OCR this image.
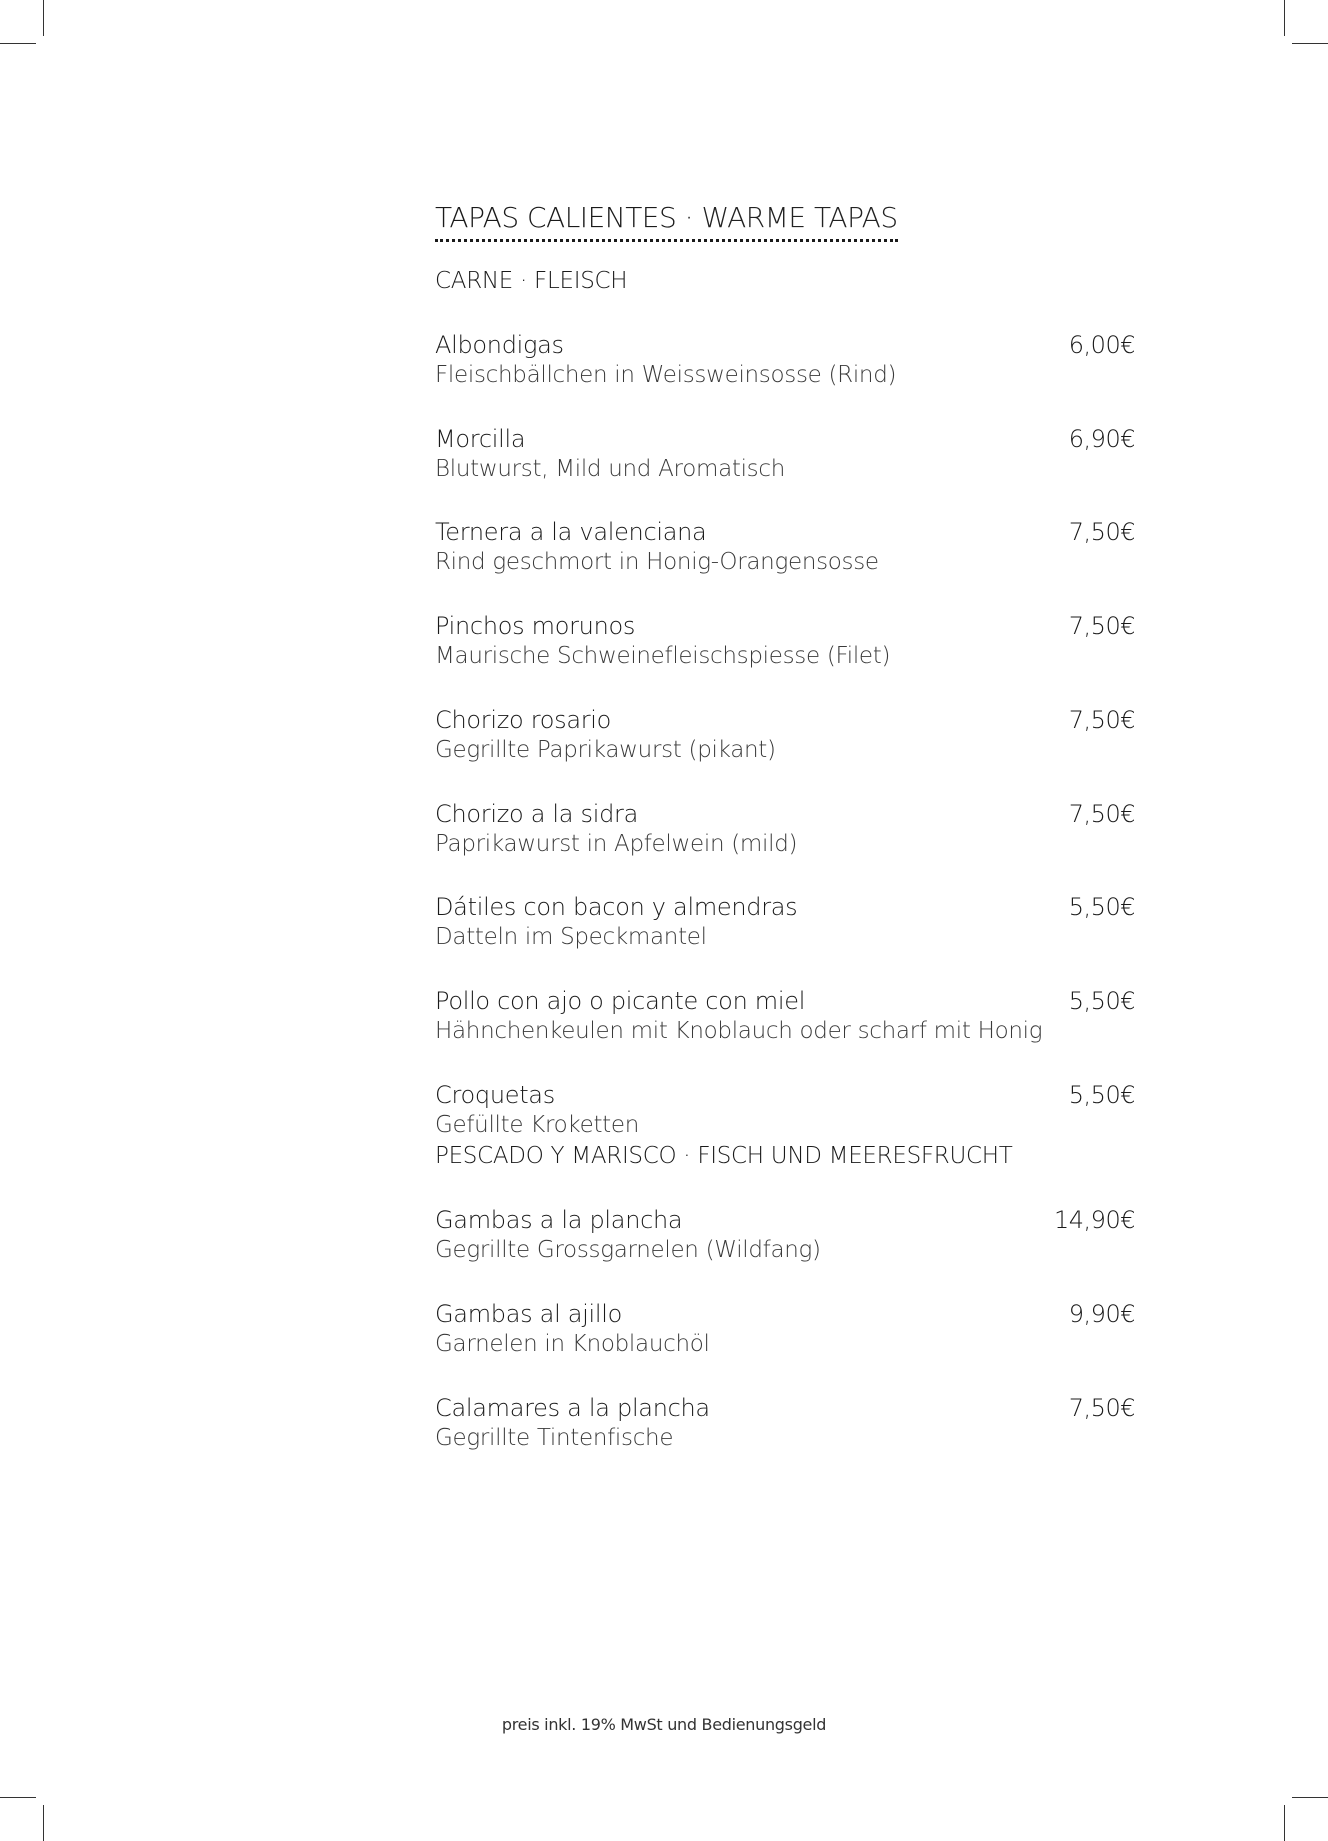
TAPAS CALIENTES · WARME TAPAS
CARNE · FLEISCH
Albondigas
Fleischbällchen in Weissweinsosse (Rind)
6,00€
Morcilla
Blutwurst, Mild und Aromatisch
6,90€
Ternera a la valenciana
Rind geschmort in Honig-Orangensosse
7,50€
Pinchos morunos
Maurische Schweinefleischspiesse (Filet)
7,50€
Chorizo rosario
Gegrillte Paprikawurst (pikant)
7,50€
Chorizo a la sidra
Paprikawurst in Apfelwein (mild)
7,50€
Dátiles con bacon y almendras
Datteln im Speckmantel
5,50€
Pollo con ajo o picante con miel
Hähnchenkeulen mit Knoblauch oder scharf mit Honig
5,50€
Croquetas
Gefüllte Kroketten
5,50€
PESCADO Y MARISCO · FISCH UND MEERESFRUCHT
Gambas a la plancha
Gegrillte Grossgarnelen (Wildfang)
14,90€
Gambas al ajillo
Garnelen in Knoblauchöl
9,90€
Calamares a la plancha
Gegrillte Tintenfische
7,50€
preis inkl. 19% MwSt und Bedienungsgeld
